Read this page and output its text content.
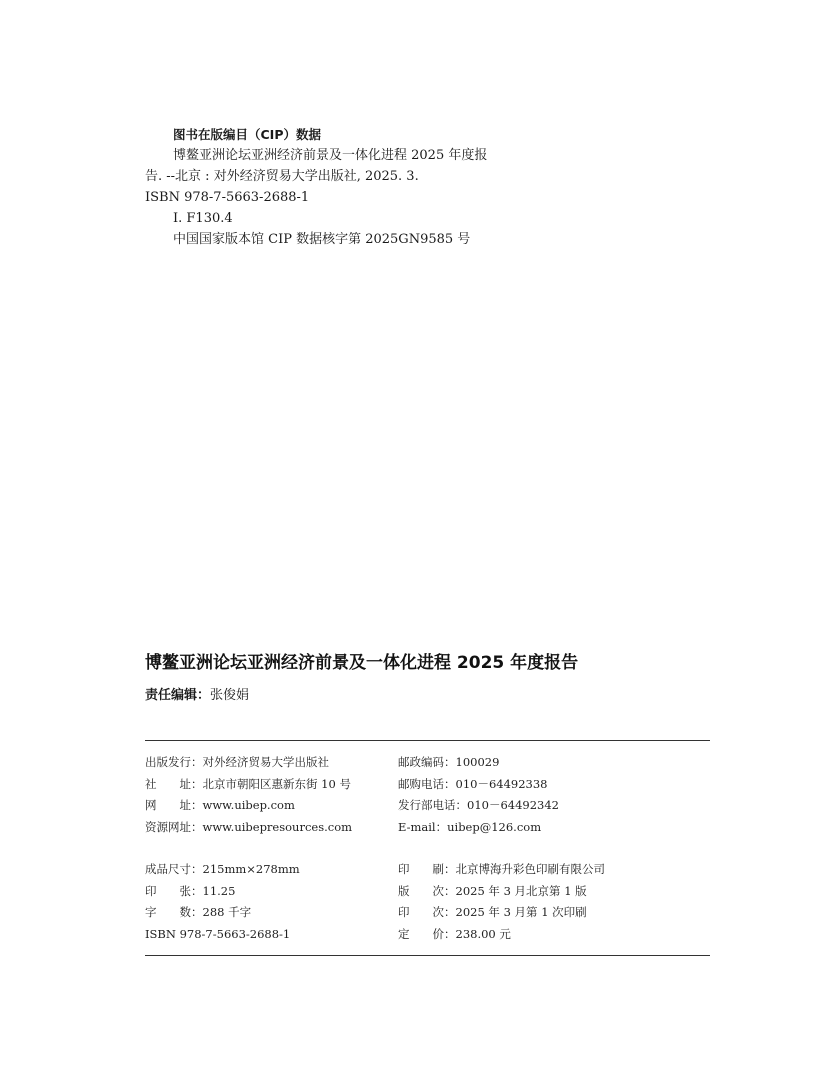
图书在版编目（CIP）数据
博鳌亚洲论坛亚洲经济前景及一体化进程 2025 年度报
告. --北京 : 对外经济贸易大学出版社, 2025. 3.
ISBN 978-7-5663-2688-1
Ⅰ. F130.4
中国国家版本馆 CIP 数据核字第 2025GN9585 号
博鳌亚洲论坛亚洲经济前景及一体化进程 2025 年度报告
责任编辑：张俊娟
出版发行：对外经济贸易大学出版社	邮政编码：100029
社　　址：北京市朝阳区惠新东街 10 号	邮购电话：010－64492338
网　　址：www.uibep.com	发行部电话：010－64492342
资源网址：www.uibepresources.com	E-mail：uibep@126.com
成品尺寸：215mm×278mm	印　　刷：北京博海升彩色印刷有限公司
印　　张：11.25	版　　次：2025 年 3 月北京第 1 版
字　　数：288 千字	印　　次：2025 年 3 月第 1 次印刷
ISBN 978-7-5663-2688-1	定　　价：238.00 元
